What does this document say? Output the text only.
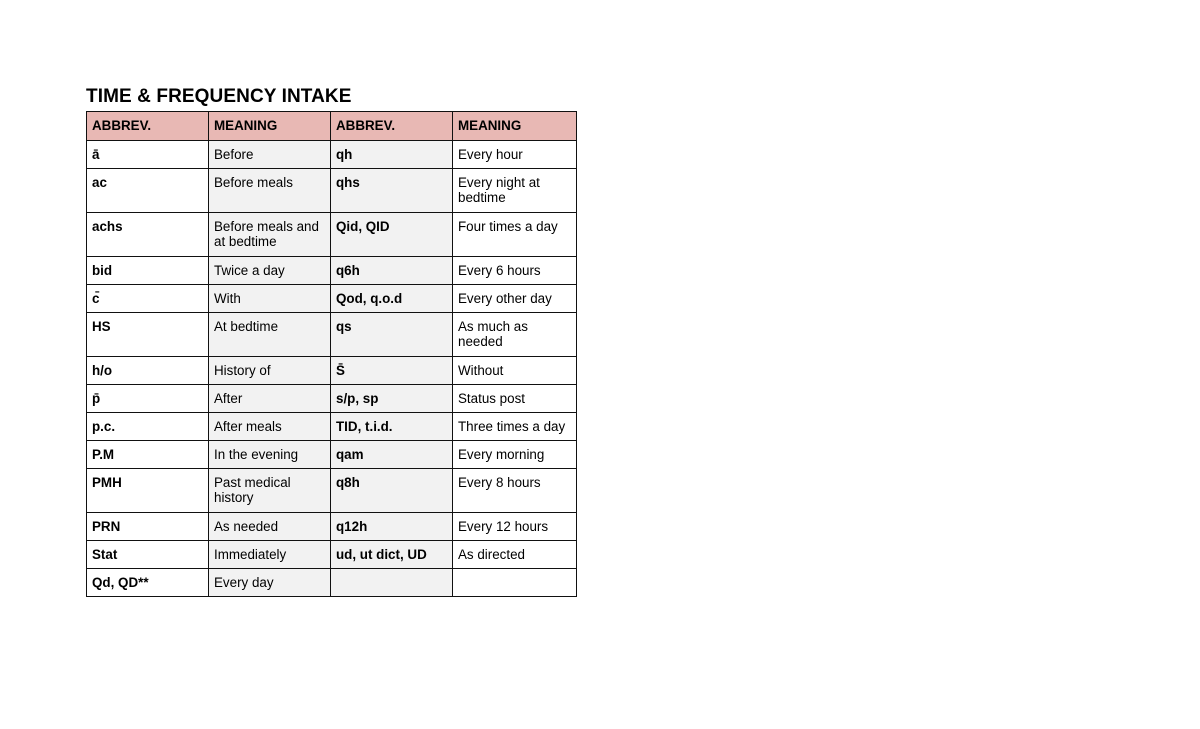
TIME & FREQUENCY INTAKE
ABBREV.	MEANING	ABBREV.	MEANING
ā	Before	qh	Every hour
ac	Before meals	qhs	Every night at bedtime
achs	Before meals and at bedtime	Qid, QID	Four times a day
bid	Twice a day	q6h	Every 6 hours
c̄	With	Qod, q.o.d	Every other day
HS	At bedtime	qs	As much as needed
h/o	History of	S̄	Without
p̄	After	s/p, sp	Status post
p.c.	After meals	TID, t.i.d.	Three times a day
P.M	In the evening	qam	Every morning
PMH	Past medical history	q8h	Every 8 hours
PRN	As needed	q12h	Every 12 hours
Stat	Immediately	ud, ut dict, UD	As directed
Qd, QD**	Every day		
